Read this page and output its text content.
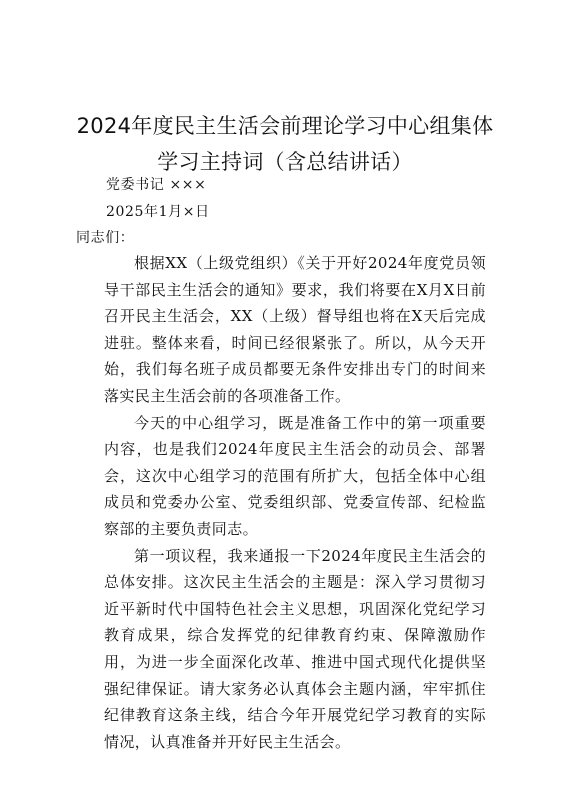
2024年度民主生活会前理论学习中心组集体
学习主持词（含总结讲话）
党委书记 ×××
2025年1月×日
同志们：

根据XX（上级党组织）《关于开好2024年度党员领导干部民主生活会的通知》要求，我们将要在X月X日前召开民主生活会，XX（上级）督导组也将在X天后完成进驻。整体来看，时间已经很紧张了。所以，从今天开始，我们每名班子成员都要无条件安排出专门的时间来落实民主生活会前的各项准备工作。

今天的中心组学习，既是准备工作中的第一项重要内容，也是我们2024年度民主生活会的动员会、部署会，这次中心组学习的范围有所扩大，包括全体中心组成员和党委办公室、党委组织部、党委宣传部、纪检监察部的主要负责同志。

第一项议程，我来通报一下2024年度民主生活会的总体安排。这次民主生活会的主题是：深入学习贯彻习近平新时代中国特色社会主义思想，巩固深化党纪学习教育成果，综合发挥党的纪律教育约束、保障激励作用，为进一步全面深化改革、推进中国式现代化提供坚强纪律保证。请大家务必认真体会主题内涵，牢牢抓住纪律教育这条主线，结合今年开展党纪学习教育的实际情况，认真准备并开好民主生活会。
